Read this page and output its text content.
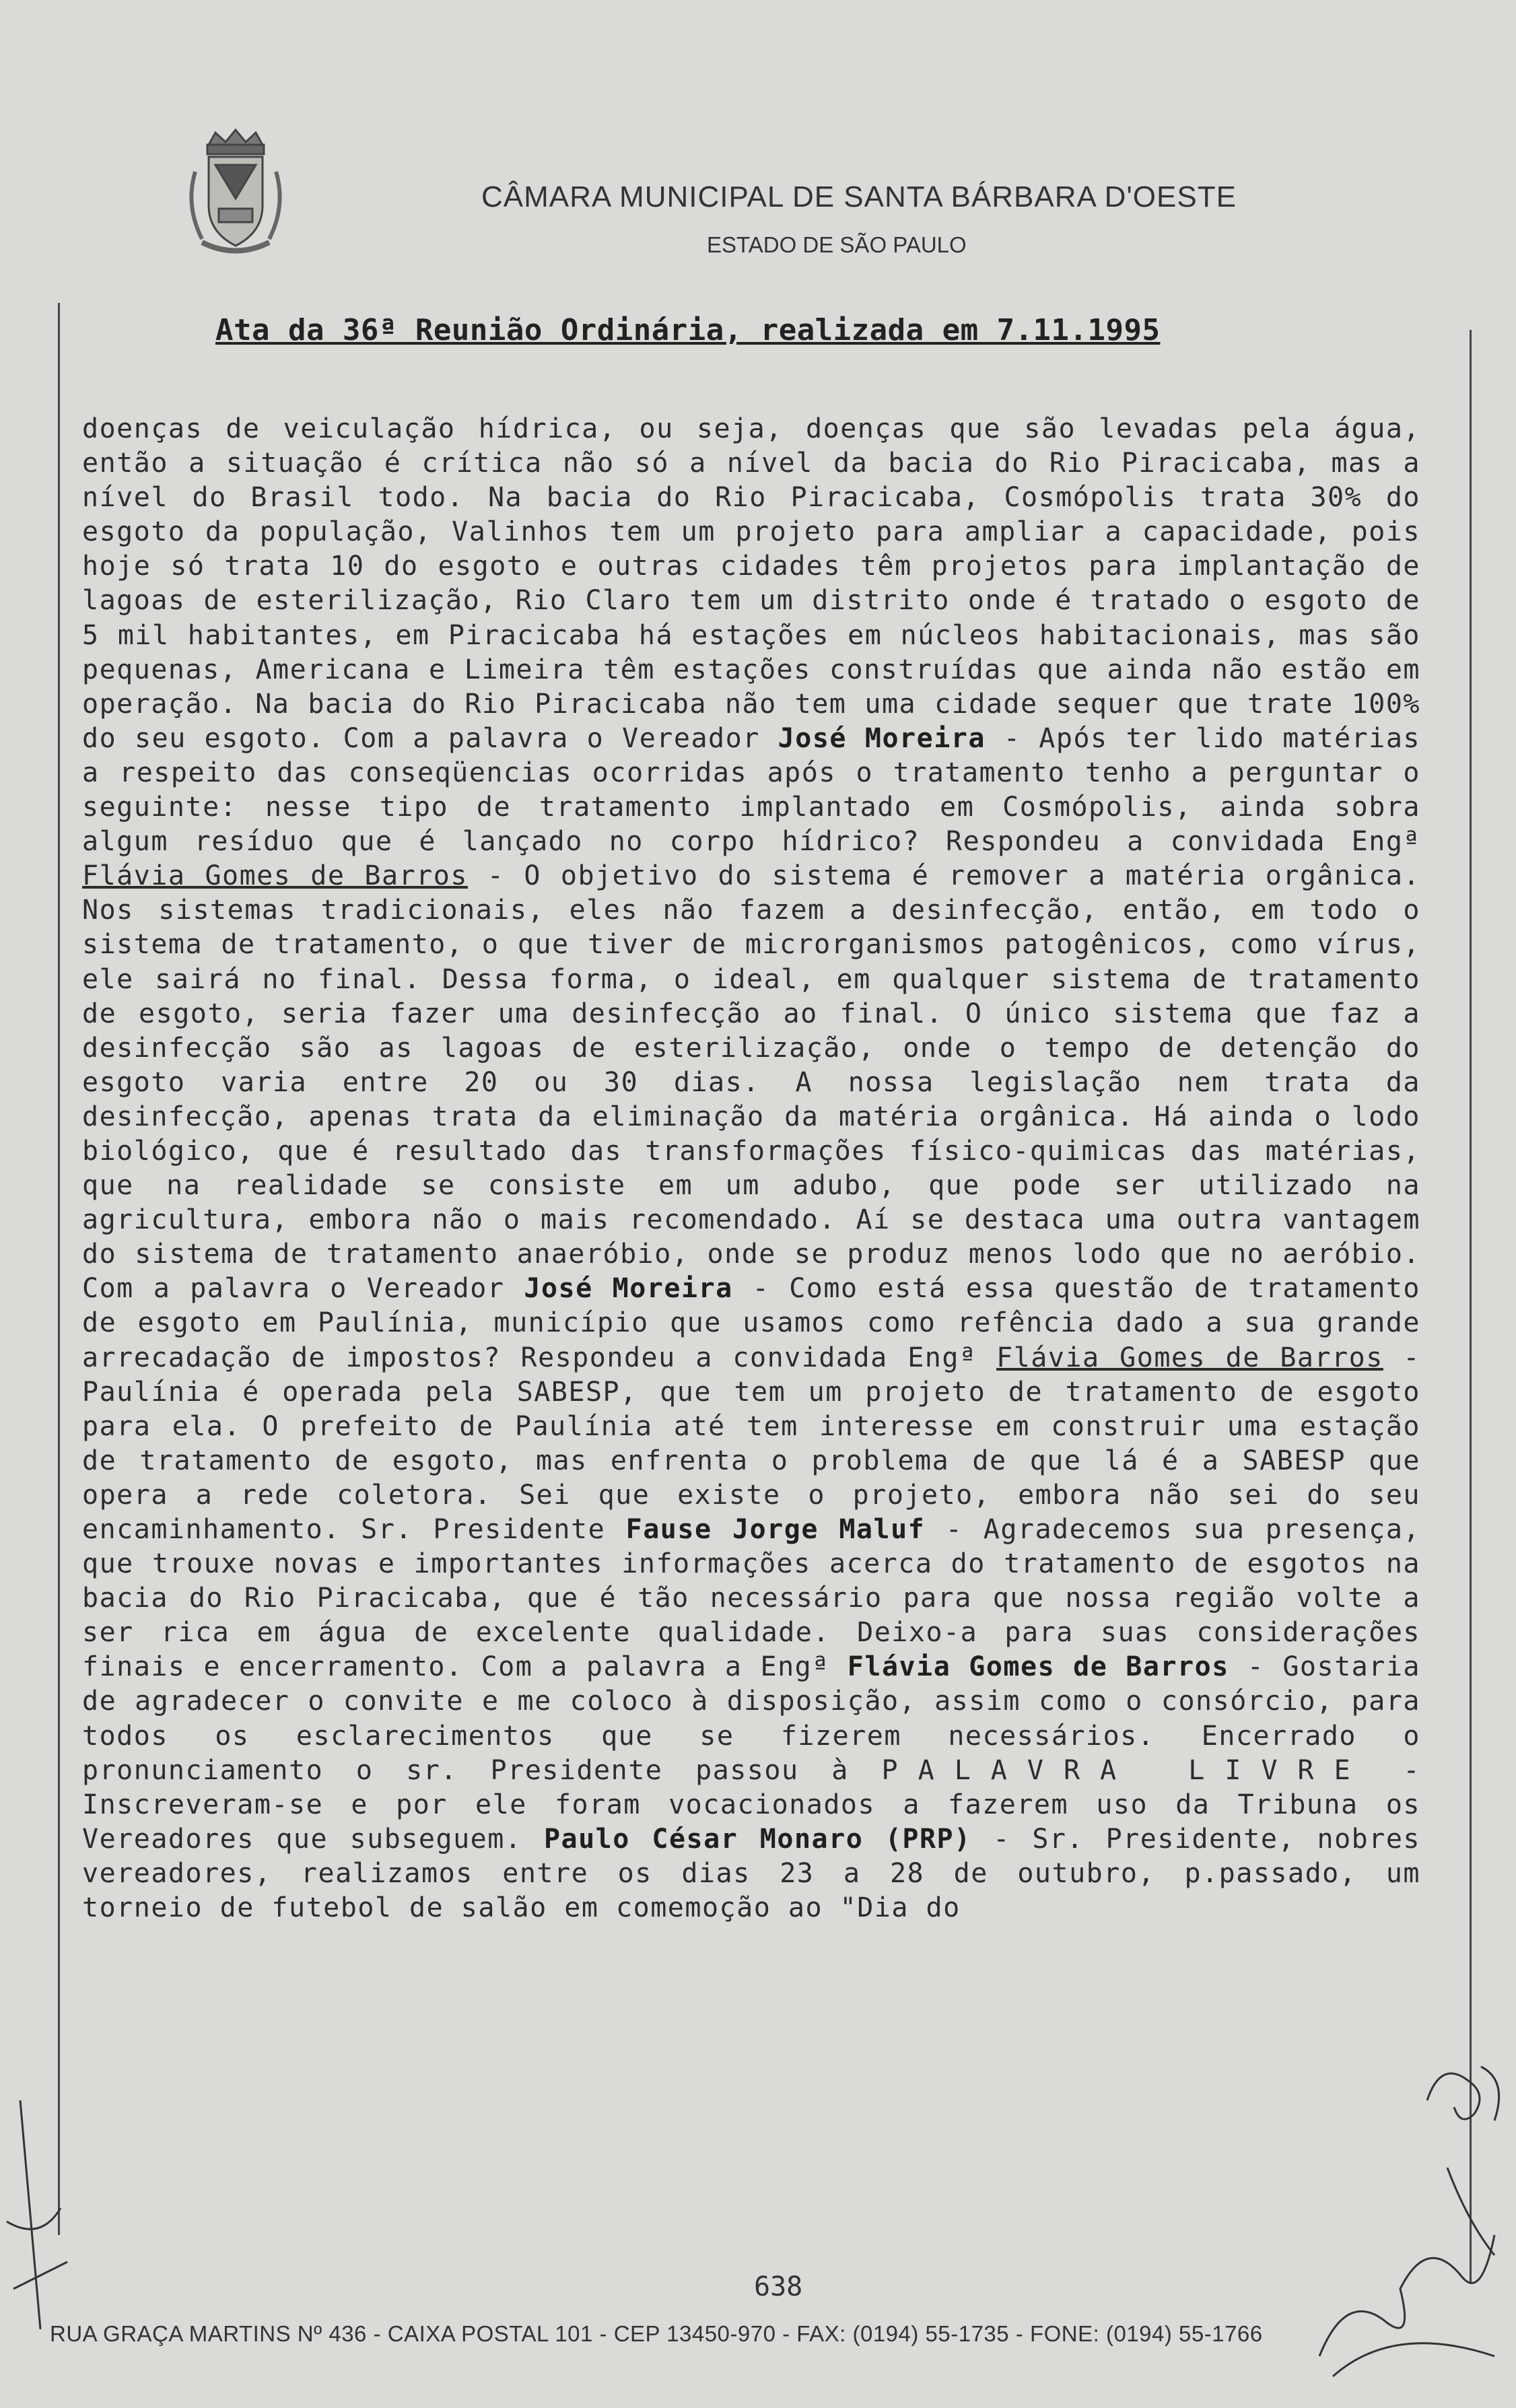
CÂMARA MUNICIPAL DE SANTA BÁRBARA D'OESTE
ESTADO DE SÃO PAULO
Ata da 36ª Reunião Ordinária, realizada em 7.11.1995
doenças de veiculação hídrica, ou seja, doenças que são levadas pela água, então a situação é crítica não só a nível da bacia do Rio Piracicaba, mas a nível do Brasil todo. Na bacia do Rio Piracicaba, Cosmópolis trata 30% do esgoto da população, Valinhos tem um projeto para ampliar a capacidade, pois hoje só trata 10 do esgoto e outras cidades têm projetos para implantação de lagoas de esterilização, Rio Claro tem um distrito onde é tratado o esgoto de 5 mil habitantes, em Piracicaba há estações em núcleos habitacionais, mas são pequenas, Americana e Limeira têm estações construídas que ainda não estão em operação. Na bacia do Rio Piracicaba não tem uma cidade sequer que trate 100% do seu esgoto. Com a palavra o Vereador José Moreira - Após ter lido matérias a respeito das conseqüencias ocorridas após o tratamento tenho a perguntar o seguinte: nesse tipo de tratamento implantado em Cosmópolis, ainda sobra algum resíduo que é lançado no corpo hídrico? Respondeu a convidada Engª Flávia Gomes de Barros - O objetivo do sistema é remover a matéria orgânica. Nos sistemas tradicionais, eles não fazem a desinfecção, então, em todo o sistema de tratamento, o que tiver de microrganismos patogênicos, como vírus, ele sairá no final. Dessa forma, o ideal, em qualquer sistema de tratamento de esgoto, seria fazer uma desinfecção ao final. O único sistema que faz a desinfecção são as lagoas de esterilização, onde o tempo de detenção do esgoto varia entre 20 ou 30 dias. A nossa legislação nem trata da desinfecção, apenas trata da eliminação da matéria orgânica. Há ainda o lodo biológico, que é resultado das transformações físico-quimicas das matérias, que na realidade se consiste em um adubo, que pode ser utilizado na agricultura, embora não o mais recomendado. Aí se destaca uma outra vantagem do sistema de tratamento anaeróbio, onde se produz menos lodo que no aeróbio. Com a palavra o Vereador José Moreira - Como está essa questão de tratamento de esgoto em Paulínia, município que usamos como refência dado a sua grande arrecadação de impostos? Respondeu a convidada Engª Flávia Gomes de Barros - Paulínia é operada pela SABESP, que tem um projeto de tratamento de esgoto para ela. O prefeito de Paulínia até tem interesse em construir uma estação de tratamento de esgoto, mas enfrenta o problema de que lá é a SABESP que opera a rede coletora. Sei que existe o projeto, embora não sei do seu encaminhamento. Sr. Presidente Fause Jorge Maluf - Agradecemos sua presença, que trouxe novas e importantes informações acerca do tratamento de esgotos na bacia do Rio Piracicaba, que é tão necessário para que nossa região volte a ser rica em água de excelente qualidade. Deixo-a para suas considerações finais e encerramento. Com a palavra a Engª Flávia Gomes de Barros - Gostaria de agradecer o convite e me coloco à disposição, assim como o consórcio, para todos os esclarecimentos que se fizerem necessários. Encerrado o pronunciamento o sr. Presidente passou à PALAVRA LIVRE - Inscreveram-se e por ele foram vocacionados a fazerem uso da Tribuna os Vereadores que subseguem. Paulo César Monaro (PRP) - Sr. Presidente, nobres vereadores, realizamos entre os dias 23 a 28 de outubro, p.passado, um torneio de futebol de salão em comemoção ao "Dia do
638
RUA GRAÇA MARTINS Nº 436 - CAIXA POSTAL 101 - CEP 13450-970 - FAX: (0194) 55-1735 - FONE: (0194) 55-1766
